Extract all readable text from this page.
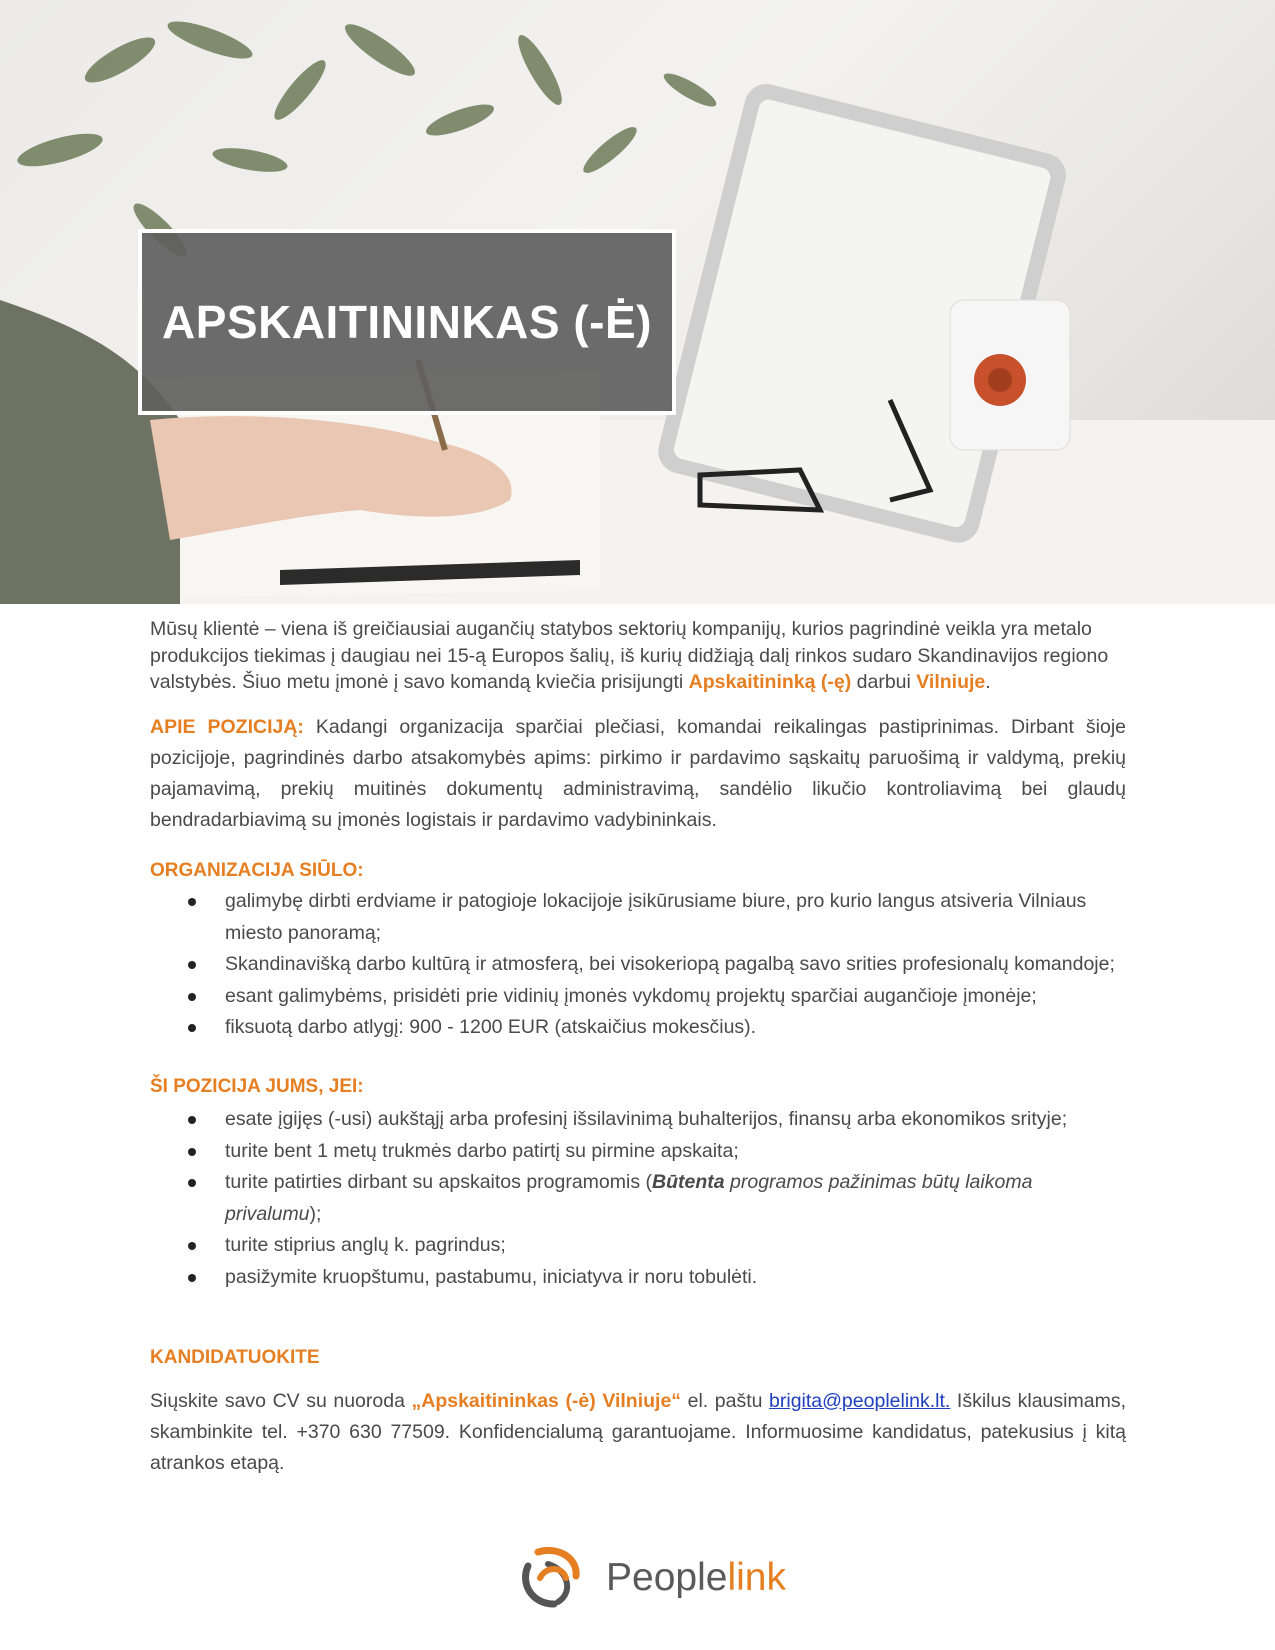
APSKAITININKAS (-Ė)

Mūsų klientė – viena iš greičiausiai augančių statybos sektorių kompanijų, kurios pagrindinė veikla yra metalo produkcijos tiekimas į daugiau nei 15-ą Europos šalių, iš kurių didžiąją dalį rinkos sudaro Skandinavijos regiono valstybės. Šiuo metu įmonė į savo komandą kviečia prisijungti Apskaitininką (-ę) darbui Vilniuje.

APIE POZICIJĄ: Kadangi organizacija sparčiai plečiasi, komandai reikalingas pastiprinimas. Dirbant šioje pozicijoje, pagrindinės darbo atsakomybės apims: pirkimo ir pardavimo sąskaitų paruošimą ir valdymą, prekių pajamavimą, prekių muitinės dokumentų administravimą, sandėlio likučio kontroliavimą bei glaudų bendradarbiavimą su įmonės logistais ir pardavimo vadybininkais.

ORGANIZACIJA SIŪLO:

galimybę dirbti erdviame ir patogioje lokacijoje įsikūrusiame biure, pro kurio langus atsiveria Vilniaus miesto panoramą;
Skandinavišką darbo kultūrą ir atmosferą, bei visokeriopą pagalbą savo srities profesionalų komandoje;
esant galimybėms, prisidėti prie vidinių įmonės vykdomų projektų sparčiai augančioje įmonėje;
fiksuotą darbo atlygį: 900 - 1200 EUR (atskaičius mokesčius).

ŠI POZICIJA JUMS, JEI:

esate įgijęs (-usi) aukštąjį arba profesinį išsilavinimą buhalterijos, finansų arba ekonomikos srityje;
turite bent 1 metų trukmės darbo patirtį su pirmine apskaita;
turite patirties dirbant su apskaitos programomis (Būtenta programos pažinimas būtų laikoma privalumu);
turite stiprius anglų k. pagrindus;
pasižymite kruopštumu, pastabumu, iniciatyva ir noru tobulėti.

KANDIDATUOKITE

Siųskite savo CV su nuoroda „Apskaitininkas (-ė) Vilniuje“ el. paštu brigita@peoplelink.lt. Iškilus klausimams, skambinkite tel. +370 630 77509. Konfidencialumą garantuojame. Informuosime kandidatus, patekusius į kitą atrankos etapą.

Peoplelink
